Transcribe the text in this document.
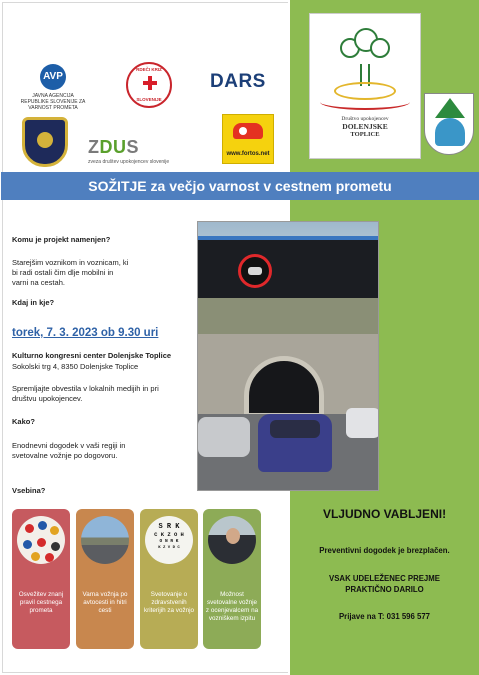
AVP
JAVNA AGENCIJA REPUBLIKE SLOVENIJE ZA VARNOST PROMETA
RDEČI KRIŽ
SLOVENIJE
DARS
ZDUS
zveza društev upokojencev slovenije
www.fortos.net
Društvo upokojencev
DOLENJSKE
TOPLICE
SOŽITJE za večjo varnost v cestnem prometu
Komu je projekt namenjen?
Starejšim voznikom in voznicam, ki
bi radi ostali čim dlje mobilni in
varni na cestah.
Kdaj in kje?
torek, 7. 3. 2023 ob 9.30 uri
Kulturno kongresni center Dolenjske Toplice
Sokolski trg 4, 8350 Dolenjske Toplice
Spremljajte obvestila v lokalnih medijih in pri
društvu upokojencev.
Kako?
Enodnevni dogodek v vaši regiji in
svetovalne vožnje po dogovoru.
Vsebina?
Osvežitev znanj pravil cestnega prometa
Varna vožnja po avtocesti in hitri cesti
S R K
C K Z O H
O N R K
K Z V D C
Svetovanje o zdravstvenih kriterijih za vožnjo
Možnost svetovalne vožnje z ocenjevalcem na vozniškem izpitu
VLJUDNO VABLJENI!
Preventivni dogodek je brezplačen.
VSAK UDELEŽENEC PREJME
PRAKTIČNO DARILO
Prijave na T: 031 596 577
